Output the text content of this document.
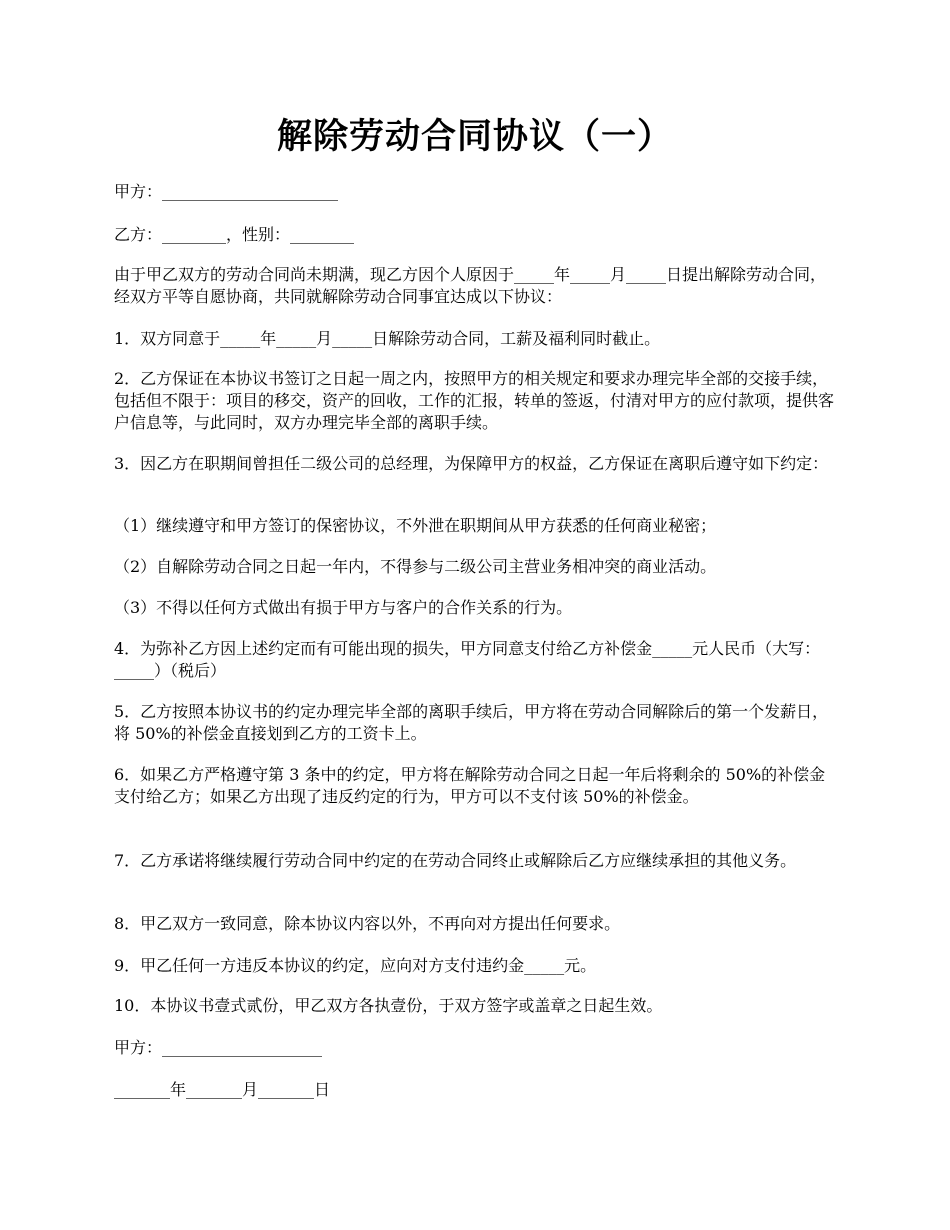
解除劳动合同协议（一）

甲方：______________________

乙方：________，性别：________

由于甲乙双方的劳动合同尚未期满，现乙方因个人原因于_____年_____月_____日提出解除劳动合同，经双方平等自愿协商，共同就解除劳动合同事宜达成以下协议：

1．双方同意于_____年_____月_____日解除劳动合同，工薪及福利同时截止。

2．乙方保证在本协议书签订之日起一周之内，按照甲方的相关规定和要求办理完毕全部的交接手续，包括但不限于：项目的移交，资产的回收，工作的汇报，转单的签返，付清对甲方的应付款项，提供客户信息等，与此同时，双方办理完毕全部的离职手续。

3．因乙方在职期间曾担任二级公司的总经理，为保障甲方的权益，乙方保证在离职后遵守如下约定：

（1）继续遵守和甲方签订的保密协议，不外泄在职期间从甲方获悉的任何商业秘密；

（2）自解除劳动合同之日起一年内，不得参与二级公司主营业务相冲突的商业活动。

（3）不得以任何方式做出有损于甲方与客户的合作关系的行为。

4．为弥补乙方因上述约定而有可能出现的损失，甲方同意支付给乙方补偿金_____元人民币（大写：_____）（税后）

5．乙方按照本协议书的约定办理完毕全部的离职手续后，甲方将在劳动合同解除后的第一个发薪日，将 50%的补偿金直接划到乙方的工资卡上。

6．如果乙方严格遵守第 3 条中的约定，甲方将在解除劳动合同之日起一年后将剩余的 50%的补偿金支付给乙方；如果乙方出现了违反约定的行为，甲方可以不支付该 50%的补偿金。

7．乙方承诺将继续履行劳动合同中约定的在劳动合同终止或解除后乙方应继续承担的其他义务。

8．甲乙双方一致同意，除本协议内容以外，不再向对方提出任何要求。

9．甲乙任何一方违反本协议的约定，应向对方支付违约金_____元。

10．本协议书壹式贰份，甲乙双方各执壹份，于双方签字或盖章之日起生效。

甲方：____________________

_______年_______月_______日
